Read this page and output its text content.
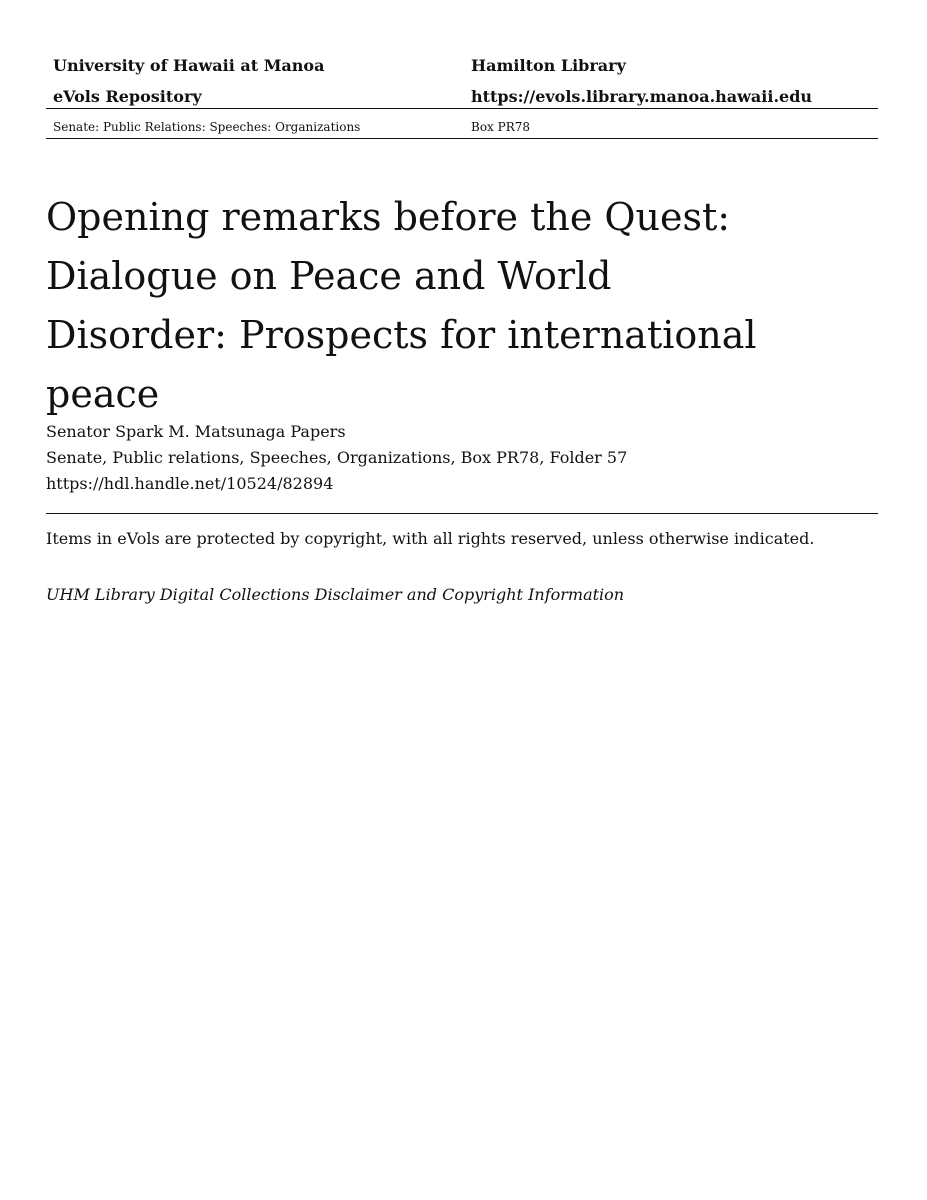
University of Hawaii at Manoa	Hamilton Library
eVols Repository	https://evols.library.manoa.hawaii.edu
Senate: Public Relations: Speeches: Organizations	Box PR78
Opening remarks before the Quest:
Dialogue on Peace and World
Disorder: Prospects for international peace
Senator Spark M. Matsunaga Papers
Senate, Public relations, Speeches, Organizations, Box PR78, Folder 57
https://hdl.handle.net/10524/82894
Items in eVols are protected by copyright, with all rights reserved, unless otherwise indicated.
UHM Library Digital Collections Disclaimer and Copyright Information
